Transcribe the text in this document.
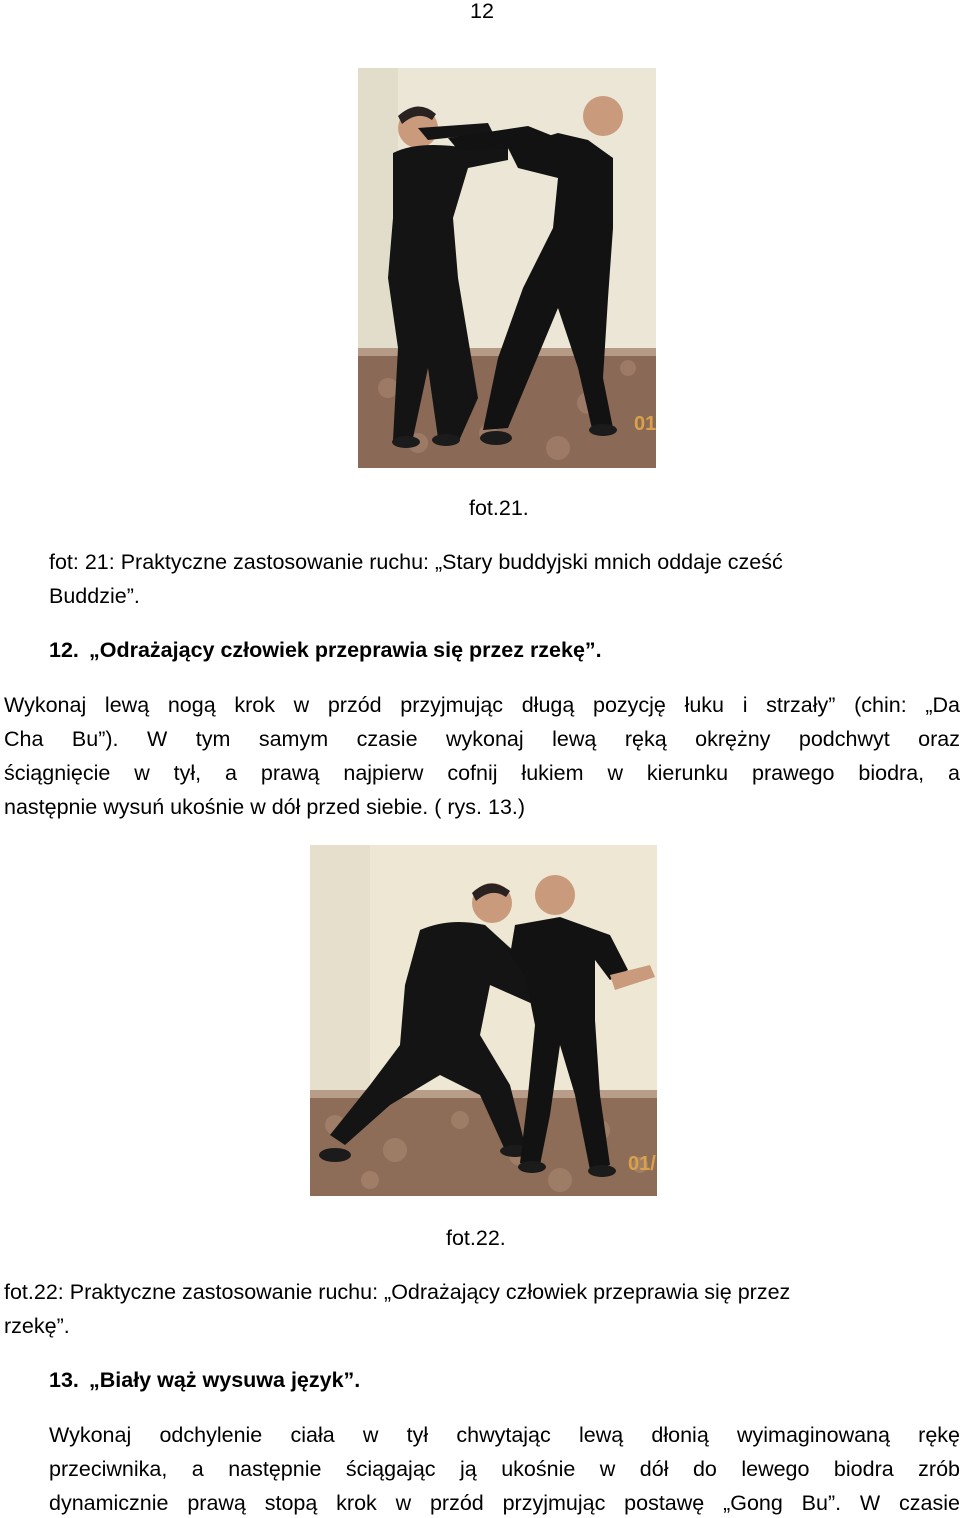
12
01
fot.21.
fot: 21: Praktyczne zastosowanie ruchu: „Stary buddyjski mnich oddaje cześć
Buddzie”.
12. „Odrażający człowiek przeprawia się przez rzekę”.
Wykonaj lewą nogą krok w przód przyjmując długą pozycję łuku i strzały” (chin: „Da
Cha Bu”). W tym samym czasie wykonaj lewą ręką okrężny podchwyt oraz
ściągnięcie w tył, a prawą najpierw cofnij łukiem w kierunku prawego biodra, a
następnie wysuń ukośnie w dół przed siebie. ( rys. 13.)
01/
fot.22.
fot.22: Praktyczne zastosowanie ruchu: „Odrażający człowiek przeprawia się przez
rzekę”.
13. „Biały wąż wysuwa język”.
Wykonaj odchylenie ciała w tył chwytając lewą dłonią wyimaginowaną rękę
przeciwnika, a następnie ściągając ją ukośnie w dół do lewego biodra zrób
dynamicznie prawą stopą krok w przód przyjmując postawę „Gong Bu”. W czasie
